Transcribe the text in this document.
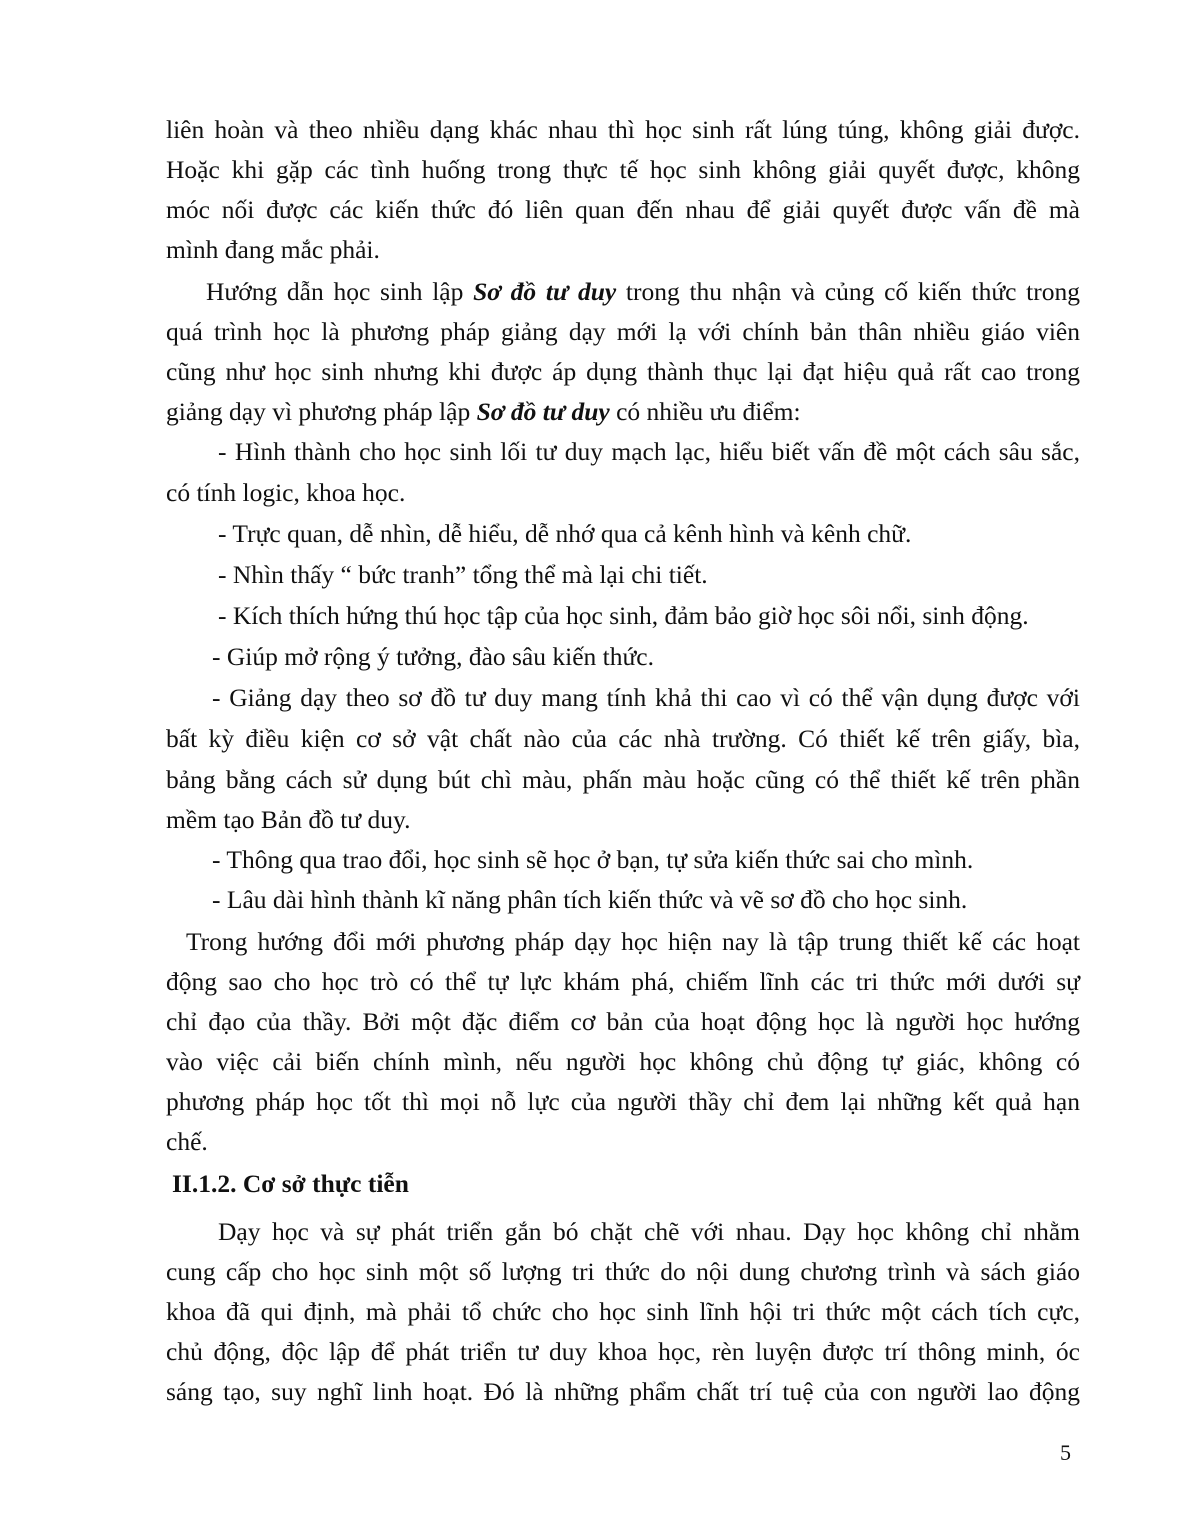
liên hoàn và theo nhiều dạng khác nhau thì học sinh rất lúng túng, không giải được.
Hoặc khi gặp các tình huống trong thực tế học sinh không giải quyết được, không
móc nối được các kiến thức đó liên quan đến nhau để giải quyết được vấn đề mà
mình đang mắc phải.
Hướng dẫn học sinh lập Sơ đồ tư duy trong thu nhận và củng cố kiến thức trong
quá trình học là phương pháp giảng dạy mới lạ với chính bản thân nhiều giáo viên
cũng như học sinh nhưng khi được áp dụng thành thục lại đạt hiệu quả rất cao trong
giảng dạy vì phương pháp lập Sơ đồ tư duy có nhiều ưu điểm:
- Hình thành cho học sinh lối tư duy mạch lạc, hiểu biết vấn đề một cách sâu sắc,
có tính logic, khoa học.
- Trực quan, dễ nhìn, dễ hiểu, dễ nhớ qua cả kênh hình và kênh chữ.
- Nhìn thấy “ bức tranh” tổng thể mà lại chi tiết.
- Kích thích hứng thú học tập của học sinh, đảm bảo giờ học sôi nổi, sinh động.
- Giúp mở rộng ý tưởng, đào sâu kiến thức.
- Giảng dạy theo sơ đồ tư duy mang tính khả thi cao vì có thể vận dụng được với
bất kỳ điều kiện cơ sở vật chất nào của các nhà trường. Có thiết kế trên giấy, bìa,
bảng bằng cách sử dụng bút chì màu, phấn màu hoặc cũng có thể thiết kế trên phần
mềm tạo Bản đồ tư duy.
- Thông qua trao đổi, học sinh sẽ học ở bạn, tự sửa kiến thức sai cho mình.
- Lâu dài hình thành kĩ năng phân tích kiến thức và vẽ sơ đồ cho học sinh.
Trong hướng đổi mới phương pháp dạy học hiện nay là tập trung thiết kế các hoạt
động sao cho học trò có thể tự lực khám phá, chiếm lĩnh các tri thức mới dưới sự
chỉ đạo của thầy. Bởi một đặc điểm cơ bản của hoạt động học là người học hướng
vào việc cải biến chính mình, nếu người học không chủ động tự giác, không có
phương pháp học tốt thì mọi nỗ lực của người thầy chỉ đem lại những kết quả hạn
chế.
II.1.2. Cơ sở thực tiễn
Dạy học và sự phát triển gắn bó chặt chẽ với nhau. Dạy học không chỉ nhằm
cung cấp cho học sinh một số lượng tri thức do nội dung chương trình và sách giáo
khoa đã qui định, mà phải tổ chức cho học sinh lĩnh hội tri thức một cách tích cực,
chủ động, độc lập để phát triển tư duy khoa học, rèn luyện được trí thông minh, óc
sáng tạo, suy nghĩ linh hoạt. Đó là những phẩm chất trí tuệ của con người lao động
5
